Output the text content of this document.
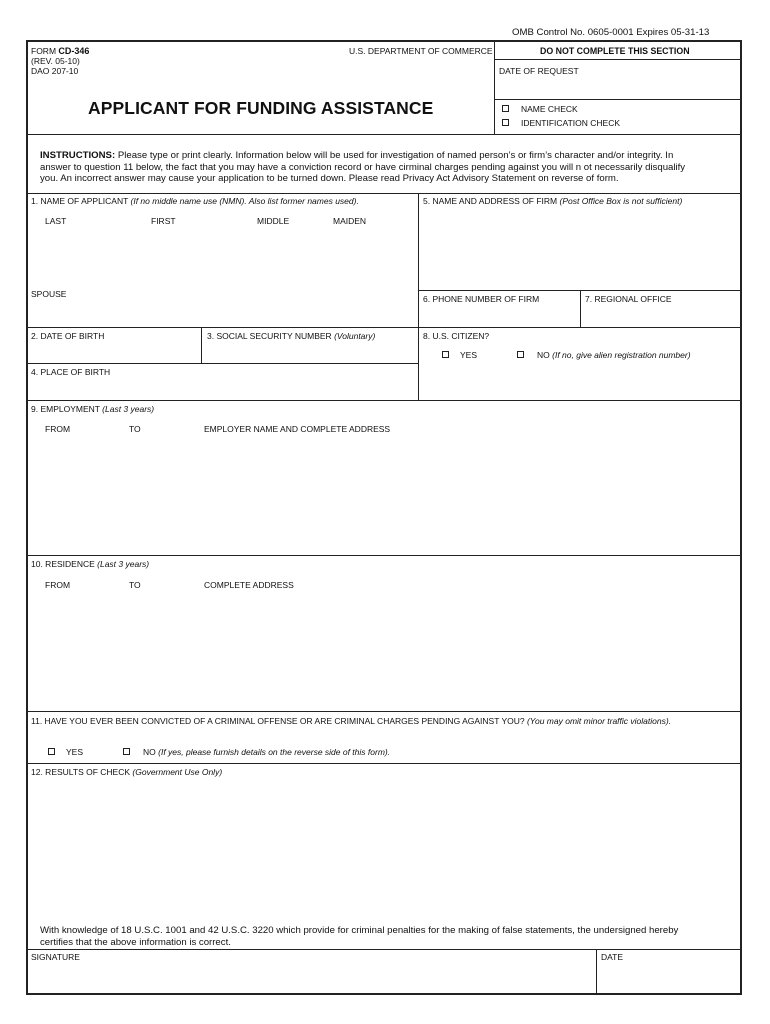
OMB Control No. 0605-0001 Expires 05-31-13
FORM CD-346
(REV. 05-10)
DAO 207-10
U.S. DEPARTMENT OF COMMERCE
APPLICANT FOR FUNDING ASSISTANCE
DO NOT COMPLETE THIS SECTION
DATE OF REQUEST
NAME CHECK
IDENTIFICATION CHECK
INSTRUCTIONS: Please type or print clearly. Information below will be used for investigation of named person’s or firm’s character and/or integrity. In
answer to question 11 below, the fact that you may have a conviction record or have cirminal charges pending against you will n ot necessarily disqualify
you. An incorrect answer may cause your application to be turned down. Please read Privacy Act Advisory Statement on reverse of form.
1. NAME OF APPLICANT (If no middle name use (NMN). Also list former names used).
LAST	FIRST	MIDDLE	MAIDEN
SPOUSE
5. NAME AND ADDRESS OF FIRM (Post Office Box is not sufficient)
6. PHONE NUMBER OF FIRM	7. REGIONAL OFFICE
2. DATE OF BIRTH	3. SOCIAL SECURITY NUMBER (Voluntary)	8. U.S. CITIZEN?
YES	NO (If no, give alien registration number)
4. PLACE OF BIRTH
9. EMPLOYMENT (Last 3 years)
FROM	TO	EMPLOYER NAME AND COMPLETE ADDRESS
10. RESIDENCE (Last 3 years)
FROM	TO	COMPLETE ADDRESS
11. HAVE YOU EVER BEEN CONVICTED OF A CRIMINAL OFFENSE OR ARE CRIMINAL CHARGES PENDING AGAINST YOU? (You may omit minor traffic violations).
YES	NO (If yes, please furnish details on the reverse side of this form).
12. RESULTS OF CHECK (Government Use Only)
With knowledge of 18 U.S.C. 1001 and 42 U.S.C. 3220 which provide for criminal penalties for the making of false statements, the undersigned hereby
certifies that the above information is correct.
SIGNATURE	DATE
